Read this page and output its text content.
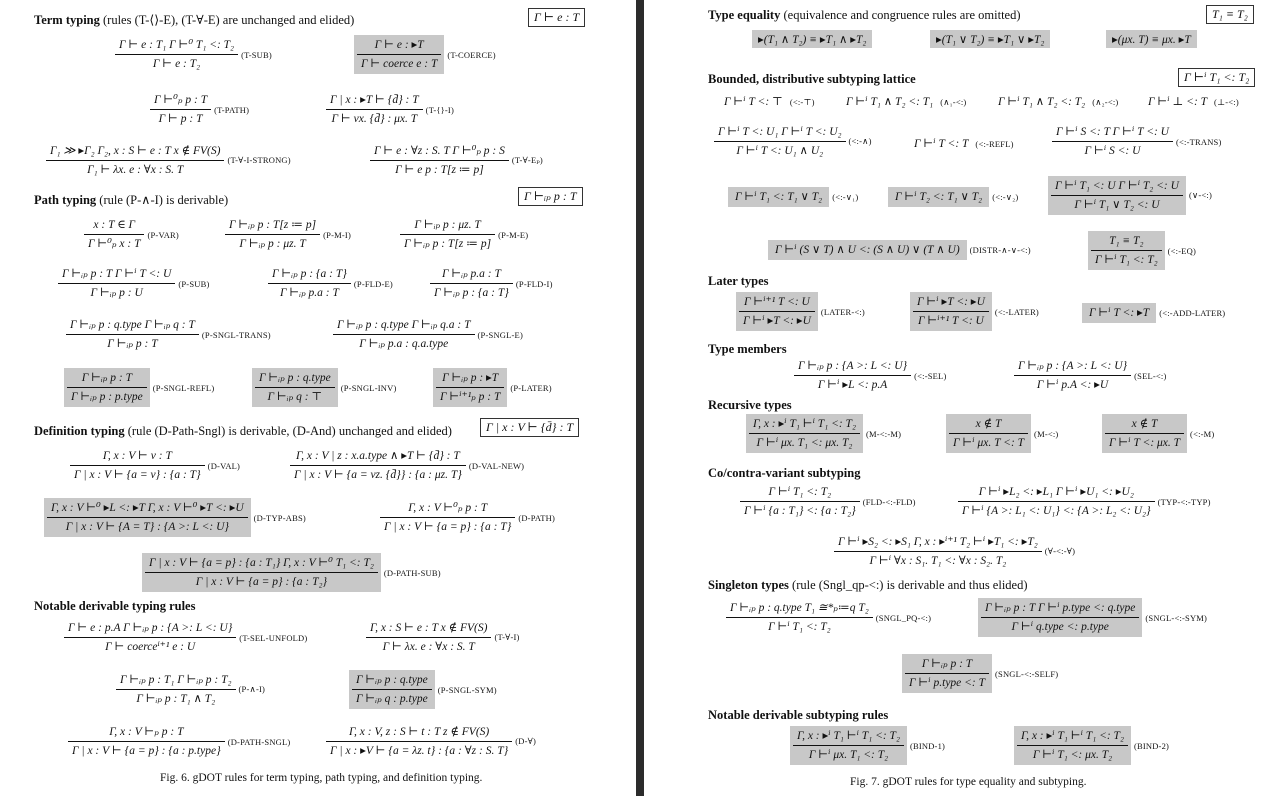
Term typing (rules (T-⟨⟩-E), (T-∀-E) are unchanged and elided)	Γ ⊢ e : T
$\frac{\text{Γ ⊢ e : T₁ Γ ⊢⁰ T₁ <: T₂}}{\text{Γ ⊢ e : T₂}} (T-SUB)$	$\frac{\Gamma ⊢ e : ▸T}{\text{Γ ⊢ coerce e : T}}$ (T-COERCE)
$\frac{\text{Γ ⊢⁰ₚ p : T}}{\Gamma ⊢ p : T}$ (T-PATH)	$\frac{\Gamma | x : ▸T ⊢ \{d̄\} : T}{\Gamma ⊢ \nu x. \{d̄\} : \mu x. T} (T-\{\}-I)$
$\frac{\text{Γ₁ ≫ ▸Γ₂ Γ₂, x : S ⊢ e : T x ∉ FV(S)}}{\text{Γ₁ ⊢ λx. e : ∀x : S. T}}$ (T-∀-I-STRONG)	$\frac{\text{Γ ⊢ e : ∀z : S. T Γ ⊢⁰ₚ p : S}}{\text{Γ ⊢ e p : T[z ≔ p]}}$ (T-∀-Eₚ)
Path typing (rule (P-∧-I) is derivable)	Γ ⊢ᵢₚ p : T
$\frac{x : T \in \Gamma}{\text{Γ ⊢⁰ₚ x : T}} (P-VAR)$	$\frac{\text{Γ ⊢ᵢₚ p : T[z ≔ p]}}{\text{Γ ⊢ᵢₚ p : μz. T}} (P-M-I)$	$\frac{\text{Γ ⊢ᵢₚ p : μz. T}}{\text{Γ ⊢ᵢₚ p : T[z ≔ p]}} (P-M-E)$
$\frac{\text{Γ ⊢ᵢₚ p : T Γ ⊢ⁱ T <: U}}{\text{Γ ⊢ᵢₚ p : U}} (P-SUB)$	$\frac{\text{Γ ⊢ᵢₚ p : \{a : T\}}}{\text{Γ ⊢ᵢₚ p.a : T}} (P-FLD-E)$	$\frac{\text{Γ ⊢ᵢₚ p.a : T}}{\text{Γ ⊢ᵢₚ p : \{a : T\}}} (P-FLD-I)$
$\frac{\text{Γ ⊢ᵢₚ p : q.type Γ ⊢ᵢₚ q : T}}{\text{Γ ⊢ᵢₚ p : T}}$ (P-SNGL-TRANS)	$\frac{\text{Γ ⊢ᵢₚ p : q.type Γ ⊢ᵢₚ q.a : T}}{\text{Γ ⊢ᵢₚ p.a : q.a.type}}$ (P-SNGL-E)
$\frac{\text{Γ ⊢ᵢₚ p : T}}{\text{Γ ⊢ᵢₚ p : p.type}}$ (P-SNGL-REFL)	$\frac{\text{Γ ⊢ᵢₚ p : q.type}}{\text{Γ ⊢ᵢₚ q : ⊤}}$ (P-SNGL-INV)	$\frac{\text{Γ ⊢ᵢₚ p : ▸T}}{\text{Γ ⊢ⁱ⁺¹ₚ p : T}}$ (P-LATER)
Definition typing (rule (D-Path-Sngl) is derivable, (D-And) unchanged and elided)	Γ | x : V ⊢ {d̄} : T
$\frac{\Gamma, x : V ⊢ v : T}{\Gamma | x : V ⊢ \{a = v\} : \{a : T\}} (D-VAL)$	$\frac{\text{Γ, x : V | z : x.a.type ∧ ▸T ⊢ \{d̄\} : T}}{\Gamma | x : V ⊢ \{a = \nu z. \{d̄\}\} : \{a : \mu z. T\}} (D-VAL-NEW)$
$\frac{\text{Γ, x : V ⊢⁰ ▸L <: ▸T Γ, x : V ⊢⁰ ▸T <: ▸U}}{\Gamma | x : V ⊢ \{A = T\} : \{A >: L <: U\}} (D-TYP-ABS)$	$\frac{\text{Γ, x : V ⊢⁰ₚ p : T}}{\Gamma | x : V ⊢ \{a = p\} : \{a : T\}}$ (D-PATH)
$\frac{\text{Γ | x : V ⊢ \{a = p\} : \{a : T₁\} Γ, x : V ⊢⁰ T₁ <: T₂}}{\text{Γ | x : V ⊢ \{a = p\} : \{a : T₂\}}}$ (D-PATH-SUB)
Notable derivable typing rules
$\frac{\text{Γ ⊢ e : p.A Γ ⊢ᵢₚ p : \{A >: L <: U\}}}{\text{Γ ⊢ coerceⁱ⁺¹ e : U}}$ (T-SEL-UNFOLD)	$\frac{\text{Γ, x : S ⊢ e : T x ∉ FV(S)}}{\Gamma ⊢ \lambda x. e : \forall x : S. T}$ (T-∀-I)
$\frac{\text{Γ ⊢ᵢₚ p : T₁ Γ ⊢ᵢₚ p : T₂}}{\text{Γ ⊢ᵢₚ p : T₁ ∧ T₂}}$ (P-∧-I)	$\frac{\text{Γ ⊢ᵢₚ p : q.type}}{\text{Γ ⊢ᵢₚ q : p.type}}$ (P-SNGL-SYM)
$\frac{\text{Γ, x : V ⊢ₚ p : T}}{\text{Γ | x : V ⊢ \{a = p\} : \{a : p.type\}}}$ (D-PATH-SNGL)	$\frac{\text{Γ, x : V, z : S ⊢ t : T z ∉ FV(S)}}{\Gamma | x : ▸V ⊢ \{a = \lambda z. t\} : \{a : \forall z : S. T\}}$ (D-∀)
Fig. 6. gDOT rules for term typing, path typing, and definition typing.
Type equality (equivalence and congruence rules are omitted)	T₁ ≡ T₂
▸(T₁ ∧ T₂) ≡ ▸T₁ ∧ ▸T₂	▸(T₁ ∨ T₂) ≡ ▸T₁ ∨ ▸T₂	▸(μx. T) ≡ μx. ▸T
Bounded, distributive subtyping lattice	Γ ⊢ⁱ T₁ <: T₂
Γ ⊢ⁱ T <: ⊤ (<:-⊤)	Γ ⊢ⁱ T₁ ∧ T₂ <: T₁ (∧₁-<:)	Γ ⊢ⁱ T₁ ∧ T₂ <: T₂ (∧₂-<:)	Γ ⊢ⁱ ⊥ <: T (⊥-<:)
$\frac{\text{Γ ⊢ⁱ T <: U₁ Γ ⊢ⁱ T <: U₂}}{\text{Γ ⊢ⁱ T <: U₁ ∧ U₂}}$ (<:-∧)	Γ ⊢ⁱ T <: T (<:-REFL)	$\frac{\text{Γ ⊢ⁱ S <: T Γ ⊢ⁱ T <: U}}{\text{Γ ⊢ⁱ S <: U}}$ (<:-TRANS)
Γ ⊢ⁱ T₁ <: T₁ ∨ T₂	(<:-∨₁)	Γ ⊢ⁱ T₂ <: T₁ ∨ T₂	(<:-∨₂)	$\frac{\text{Γ ⊢ⁱ T₁ <: U Γ ⊢ⁱ T₂ <: U}}{\text{Γ ⊢ⁱ T₁ ∨ T₂ <: U}}$ (∨-<:)
Γ ⊢ⁱ (S ∨ T) ∧ U <: (S ∧ U) ∨ (T ∧ U)	(DISTR-∧-∨-<:)	$\frac{\text{T₁ ≡ T₂}}{\text{Γ ⊢ⁱ T₁ <: T₂}}$ (<:-EQ)
Later types
$\frac{\text{Γ ⊢ⁱ⁺¹ T <: U}}{\text{Γ ⊢ⁱ ▸T <: ▸U}}$ (LATER-<:)	$\frac{\text{Γ ⊢ⁱ ▸T <: ▸U}}{\text{Γ ⊢ⁱ⁺¹ T <: U}}$ (<:-LATER)	Γ ⊢ⁱ T <: ▸T	(<:-ADD-LATER)
Type members
$\frac{\text{Γ ⊢ᵢₚ p : \{A >: L <: U\}}}{\text{Γ ⊢ⁱ ▸L <: p.A}}$ (<:-SEL)	$\frac{\text{Γ ⊢ᵢₚ p : \{A >: L <: U\}}}{\text{Γ ⊢ⁱ p.A <: ▸U}}$ (SEL-<:)
Recursive types
$\frac{\text{Γ, x : ▸ⁱ T₁ ⊢ⁱ T₁ <: T₂}}{\text{Γ ⊢ⁱ μx. T₁ <: μx. T₂}}$ (Μ-<:-Μ)	$\frac{x \notin T}{\text{Γ ⊢ⁱ μx. T <: T}}$ (Μ-<:)	$\frac{x \notin T}{\text{Γ ⊢ⁱ T <: μx. T}}$ (<:-Μ)
Co/contra-variant subtyping
$\frac{\text{Γ ⊢ⁱ T₁ <: T₂}}{\text{Γ ⊢ⁱ \{a : T₁\} <: \{a : T₂\}}}$ (FLD-<:-FLD)	$\frac{\text{Γ ⊢ⁱ ▸L₂ <: ▸L₁ Γ ⊢ⁱ ▸U₁ <: ▸U₂}}{\text{Γ ⊢ⁱ \{A >: L₁ <: U₁\} <: \{A >: L₂ <: U₂\}}}$ (TYP-<:-TYP)
$\frac{\text{Γ ⊢ⁱ ▸S₂ <: ▸S₁ Γ, x : ▸ⁱ⁺¹ T₂ ⊢ⁱ ▸T₁ <: ▸T₂}}{\text{Γ ⊢ⁱ ∀x : S₁. T₁ <: ∀x : S₂. T₂}}$ (∀-<:-∀)
Singleton types (rule (Sngl_qp-<:) is derivable and thus elided)
$\frac{\text{Γ ⊢ᵢₚ p : q.type T₁ ≅*ₚ≔q T₂}}{\text{Γ ⊢ⁱ T₁ <: T₂}}$ (SNGL_PQ-<:)	$\frac{\text{Γ ⊢ᵢₚ p : T Γ ⊢ⁱ p.type <: q.type}}{\text{Γ ⊢ⁱ q.type <: p.type}}$ (SNGL-<:-SYM)
$\frac{\text{Γ ⊢ᵢₚ p : T}}{\text{Γ ⊢ⁱ p.type <: T}}$ (SNGL-<:-SELF)
Notable derivable subtyping rules
$\frac{\text{Γ, x : ▸ⁱ T₁ ⊢ⁱ T₁ <: T₂}}{\text{Γ ⊢ⁱ μx. T₁ <: T₂}}$ (BIND-1)	$\frac{\text{Γ, x : ▸ⁱ T₁ ⊢ⁱ T₁ <: T₂}}{\text{Γ ⊢ⁱ T₁ <: μx. T₂}}$ (BIND-2)
Fig. 7. gDOT rules for type equality and subtyping.
